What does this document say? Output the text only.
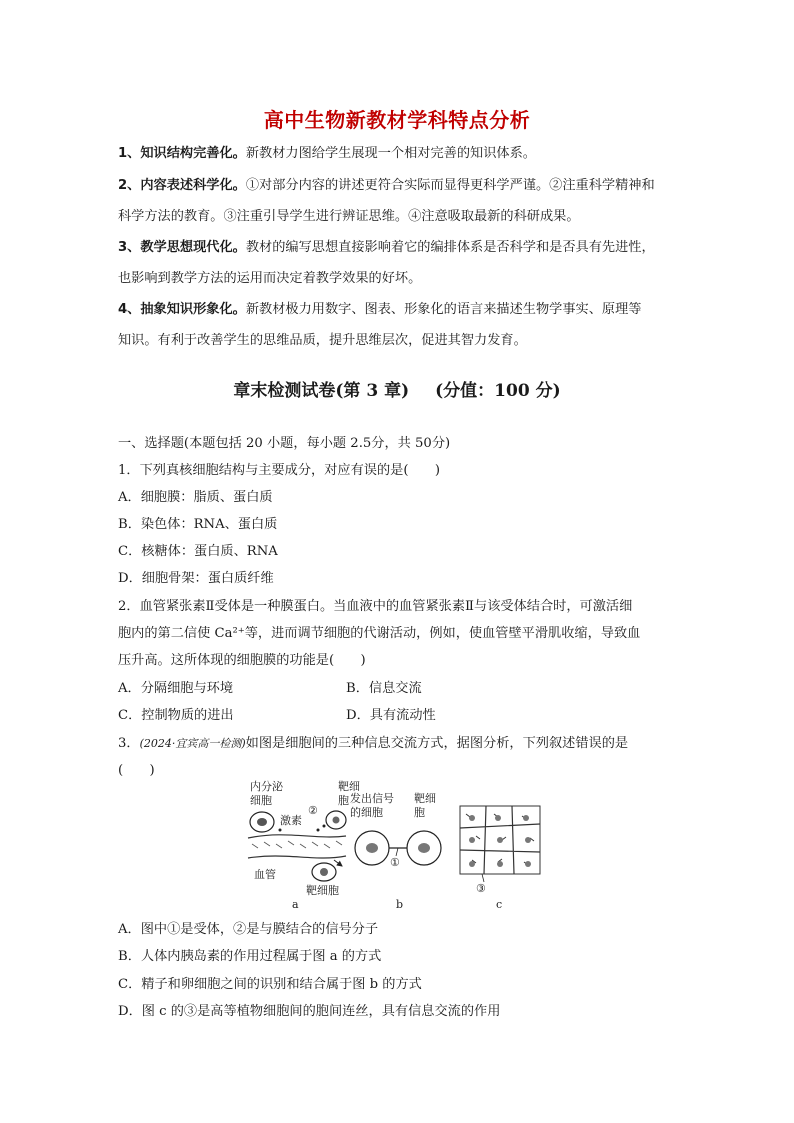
高中生物新教材学科特点分析
1、知识结构完善化。新教材力图给学生展现一个相对完善的知识体系。
2、内容表述科学化。①对部分内容的讲述更符合实际而显得更科学严谨。②注重科学精神和
科学方法的教育。③注重引导学生进行辨证思维。④注意吸取最新的科研成果。
3、教学思想现代化。教材的编写思想直接影响着它的编排体系是否科学和是否具有先进性，
也影响到教学方法的运用而决定着教学效果的好坏。
4、抽象知识形象化。新教材极力用数字、图表、形象化的语言来描述生物学事实、原理等
知识。有利于改善学生的思维品质，提升思维层次，促进其智力发育。
章末检测试卷(第 3 章) (分值：100 分)
一、选择题(本题包括 20 小题，每小题 2.5分，共 50分)
1．下列真核细胞结构与主要成分，对应有误的是(　　)
A．细胞膜：脂质、蛋白质
B．染色体：RNA、蛋白质
C．核糖体：蛋白质、RNA
D．细胞骨架：蛋白质纤维
2．血管紧张素Ⅱ受体是一种膜蛋白。当血液中的血管紧张素Ⅱ与该受体结合时，可激活细
胞内的第二信使 Ca²⁺等，进而调节细胞的代谢活动，例如，使血管壁平滑肌收缩，导致血
压升高。这所体现的细胞膜的功能是(　　)
A．分隔细胞与环境	B．信息交流
C．控制物质的进出	D．具有流动性
3．(2024·宜宾高一检测)如图是细胞间的三种信息交流方式，据图分析，下列叙述错误的是
(　　)
内分泌
细胞
靶细
胞
②
激素
血管
靶细胞
发出信号
的细胞
靶细
胞
①
③
a	b	c
A．图中①是受体，②是与膜结合的信号分子
B．人体内胰岛素的作用过程属于图 a 的方式
C．精子和卵细胞之间的识别和结合属于图 b 的方式
D．图 c 的③是高等植物细胞间的胞间连丝，具有信息交流的作用
